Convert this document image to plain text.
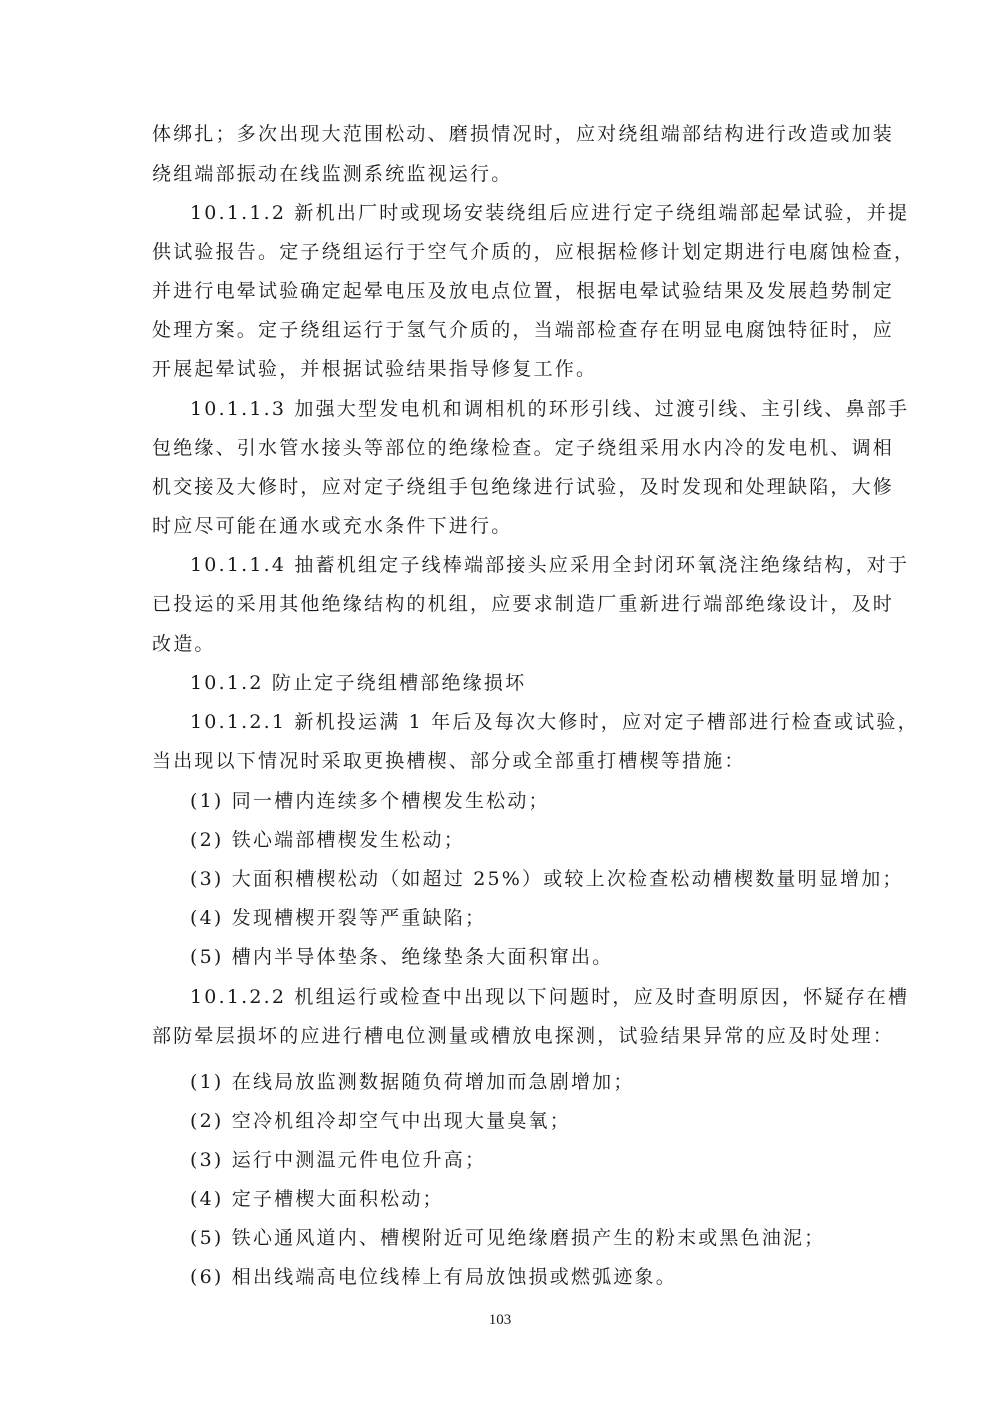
体绑扎；多次出现大范围松动、磨损情况时，应对绕组端部结构进行改造或加装
绕组端部振动在线监测系统监视运行。
10.1.1.2 新机出厂时或现场安装绕组后应进行定子绕组端部起晕试验，并提
供试验报告。定子绕组运行于空气介质的，应根据检修计划定期进行电腐蚀检查，
并进行电晕试验确定起晕电压及放电点位置，根据电晕试验结果及发展趋势制定
处理方案。定子绕组运行于氢气介质的，当端部检查存在明显电腐蚀特征时，应
开展起晕试验，并根据试验结果指导修复工作。
10.1.1.3 加强大型发电机和调相机的环形引线、过渡引线、主引线、鼻部手
包绝缘、引水管水接头等部位的绝缘检查。定子绕组采用水内冷的发电机、调相
机交接及大修时，应对定子绕组手包绝缘进行试验，及时发现和处理缺陷，大修
时应尽可能在通水或充水条件下进行。
10.1.1.4 抽蓄机组定子线棒端部接头应采用全封闭环氧浇注绝缘结构，对于
已投运的采用其他绝缘结构的机组，应要求制造厂重新进行端部绝缘设计，及时
改造。
10.1.2 防止定子绕组槽部绝缘损坏
10.1.2.1 新机投运满 1 年后及每次大修时，应对定子槽部进行检查或试验，
当出现以下情况时采取更换槽楔、部分或全部重打槽楔等措施：
(1) 同一槽内连续多个槽楔发生松动；
(2) 铁心端部槽楔发生松动；
(3) 大面积槽楔松动（如超过 25%）或较上次检查松动槽楔数量明显增加；
(4) 发现槽楔开裂等严重缺陷；
(5) 槽内半导体垫条、绝缘垫条大面积窜出。
10.1.2.2 机组运行或检查中出现以下问题时，应及时查明原因，怀疑存在槽
部防晕层损坏的应进行槽电位测量或槽放电探测，试验结果异常的应及时处理：
(1) 在线局放监测数据随负荷增加而急剧增加；
(2) 空冷机组冷却空气中出现大量臭氧；
(3) 运行中测温元件电位升高；
(4) 定子槽楔大面积松动；
(5) 铁心通风道内、槽楔附近可见绝缘磨损产生的粉末或黑色油泥；
(6) 相出线端高电位线棒上有局放蚀损或燃弧迹象。
103
